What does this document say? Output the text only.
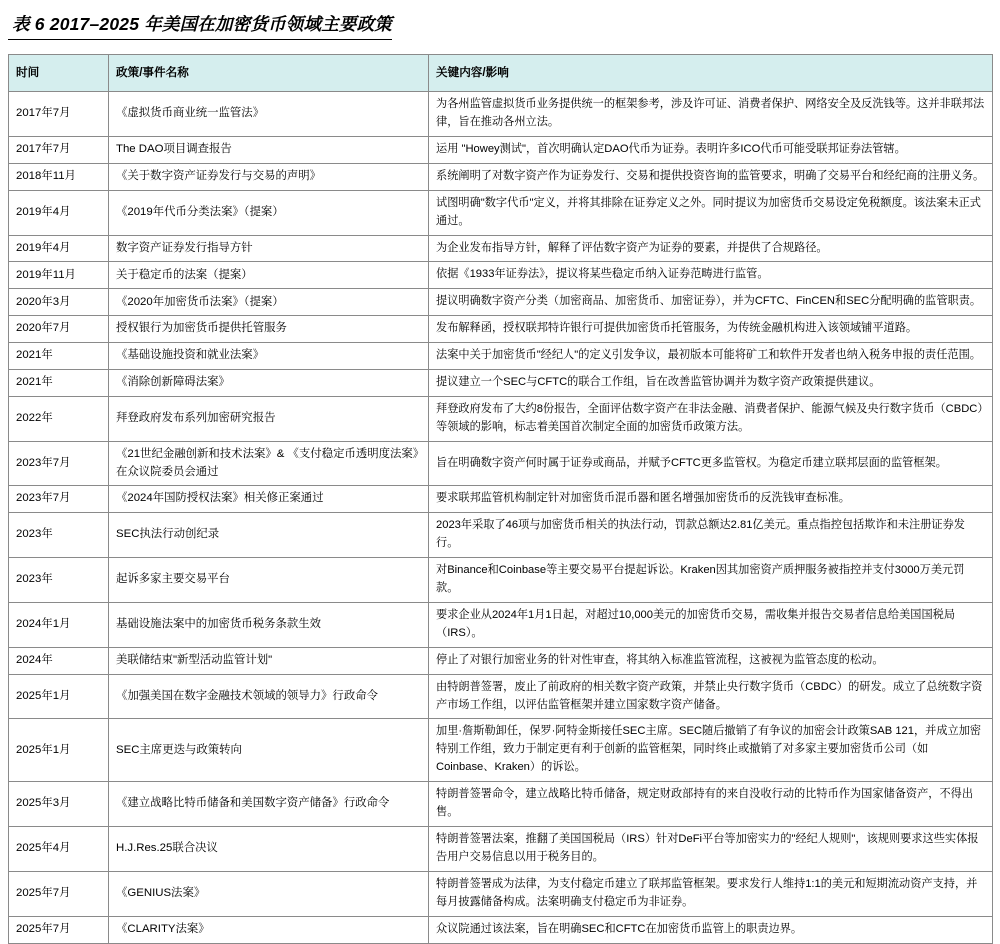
表 6 2017–2025 年美国在加密货币领域主要政策
时间	政策/事件名称	关键内容/影响
2017年7月	《虚拟货币商业统一监管法》	为各州监管虚拟货币业务提供统一的框架参考，涉及许可证、消费者保护、网络安全及反洗钱等。这并非联邦法律，旨在推动各州立法。
2017年7月	The DAO项目调查报告	运用 "Howey测试"，首次明确认定DAO代币为证券。表明许多ICO代币可能受联邦证券法管辖。
2018年11月	《关于数字资产证券发行与交易的声明》	系统阐明了对数字资产作为证券发行、交易和提供投资咨询的监管要求，明确了交易平台和经纪商的注册义务。
2019年4月	《2019年代币分类法案》（提案）	试图明确"数字代币"定义，并将其排除在证券定义之外。同时提议为加密货币交易设定免税额度。该法案未正式通过。
2019年4月	数字资产证券发行指导方针	为企业发布指导方针，解释了评估数字资产为证券的要素，并提供了合规路径。
2019年11月	关于稳定币的法案（提案）	依据《1933年证券法》，提议将某些稳定币纳入证券范畴进行监管。
2020年3月	《2020年加密货币法案》（提案）	提议明确数字资产分类（加密商品、加密货币、加密证券），并为CFTC、FinCEN和SEC分配明确的监管职责。
2020年7月	授权银行为加密货币提供托管服务	发布解释函，授权联邦特许银行可提供加密货币托管服务，为传统金融机构进入该领域铺平道路。
2021年	《基础设施投资和就业法案》	法案中关于加密货币"经纪人"的定义引发争议，最初版本可能将矿工和软件开发者也纳入税务申报的责任范围。
2021年	《消除创新障碍法案》	提议建立一个SEC与CFTC的联合工作组，旨在改善监管协调并为数字资产政策提供建议。
2022年	拜登政府发布系列加密研究报告	拜登政府发布了大约8份报告，全面评估数字资产在非法金融、消费者保护、能源气候及央行数字货币（CBDC）等领域的影响，标志着美国首次制定全面的加密货币政策方法。
2023年7月	《21世纪金融创新和技术法案》& 《支付稳定币透明度法案》在众议院委员会通过	旨在明确数字资产何时属于证券或商品，并赋予CFTC更多监管权。为稳定币建立联邦层面的监管框架。
2023年7月	《2024年国防授权法案》相关修正案通过	要求联邦监管机构制定针对加密货币混币器和匿名增强加密货币的反洗钱审查标准。
2023年	SEC执法行动创纪录	2023年采取了46项与加密货币相关的执法行动，罚款总额达2.81亿美元。重点指控包括欺诈和未注册证券发行。
2023年	起诉多家主要交易平台	对Binance和Coinbase等主要交易平台提起诉讼。Kraken因其加密资产质押服务被指控并支付3000万美元罚款。
2024年1月	基础设施法案中的加密货币税务条款生效	要求企业从2024年1月1日起，对超过10,000美元的加密货币交易，需收集并报告交易者信息给美国国税局（IRS）。
2024年	美联储结束"新型活动监管计划"	停止了对银行加密业务的针对性审查，将其纳入标准监管流程，这被视为监管态度的松动。
2025年1月	《加强美国在数字金融技术领域的领导力》行政命令	由特朗普签署，废止了前政府的相关数字资产政策，并禁止央行数字货币（CBDC）的研发。成立了总统数字资产市场工作组，以评估监管框架并建立国家数字资产储备。
2025年1月	SEC主席更迭与政策转向	加里·詹斯勒卸任，保罗·阿特金斯接任SEC主席。SEC随后撤销了有争议的加密会计政策SAB 121，并成立加密特别工作组，致力于制定更有利于创新的监管框架，同时终止或撤销了对多家主要加密货币公司（如Coinbase、Kraken）的诉讼。
2025年3月	《建立战略比特币储备和美国数字资产储备》行政命令	特朗普签署命令，建立战略比特币储备，规定财政部持有的来自没收行动的比特币作为国家储备资产，不得出售。
2025年4月	H.J.Res.25联合决议	特朗普签署法案，推翻了美国国税局（IRS）针对DeFi平台等加密实力的"经纪人规则"，该规则要求这些实体报告用户交易信息以用于税务目的。
2025年7月	《GENIUS法案》	特朗普签署成为法律，为支付稳定币建立了联邦监管框架。要求发行人维持1:1的美元和短期流动资产支持，并每月披露储备构成。法案明确支付稳定币为非证券。
2025年7月	《CLARITY法案》	众议院通过该法案，旨在明确SEC和CFTC在加密货币监管上的职责边界。
